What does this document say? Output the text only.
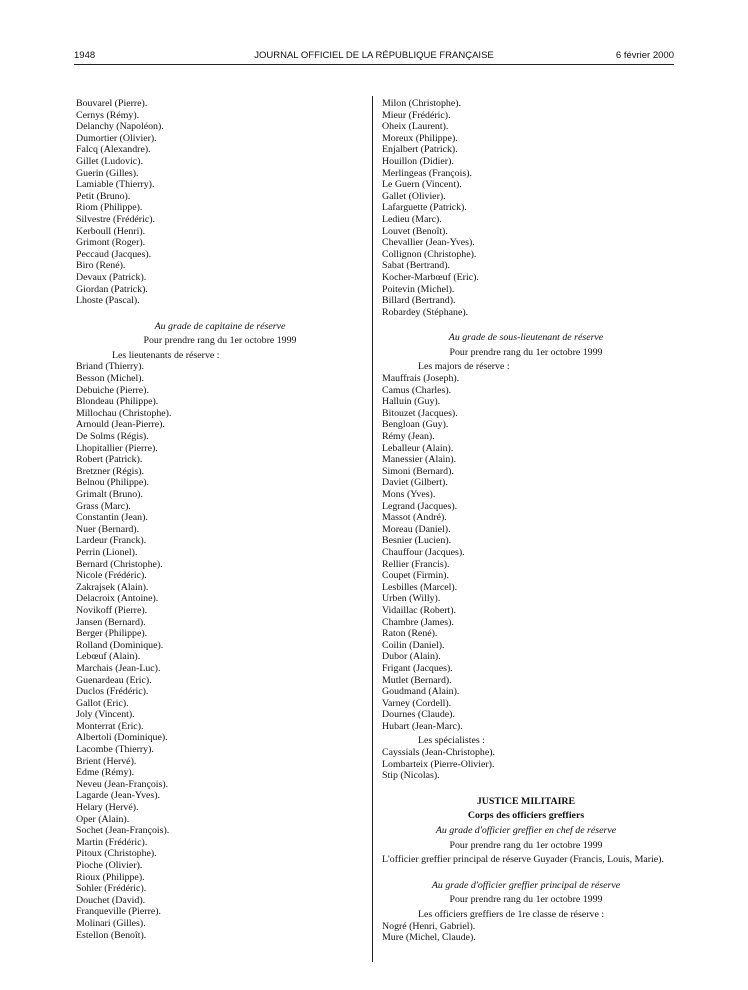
1948	JOURNAL OFFICIEL DE LA RÉPUBLIQUE FRANÇAISE	6 février 2000
Bouvarel (Pierre).
Cernys (Rémy).
Delanchy (Napoléon).
Dumortier (Olivier).
Falcq (Alexandre).
Gillet (Ludovic).
Guerin (Gilles).
Lamiable (Thierry).
Petit (Bruno).
Riom (Philippe).
Silvestre (Frédéric).
Kerboull (Henri).
Grimont (Roger).
Peccaud (Jacques).
Biro (René).
Devaux (Patrick).
Giordan (Patrick).
Lhoste (Pascal).
Au grade de capitaine de réserve
Pour prendre rang du 1er octobre 1999
Les lieutenants de réserve :
Briand (Thierry).
Besson (Michel).
Debuiche (Pierre).
Blondeau (Philippe).
Millochau (Christophe).
Arnould (Jean-Pierre).
De Solms (Régis).
Lhopitallier (Pierre).
Robert (Patrick).
Bretzner (Régis).
Belnou (Philippe).
Grimalt (Bruno).
Grass (Marc).
Constantin (Jean).
Nuer (Bernard).
Lardeur (Franck).
Perrin (Lionel).
Bernard (Christophe).
Nicole (Frédéric).
Zakrajsek (Alain).
Delacroix (Antoine).
Novikoff (Pierre).
Jansen (Bernard).
Berger (Philippe).
Rolland (Dominique).
Lebœuf (Alain).
Marchais (Jean-Luc).
Guenardeau (Eric).
Duclos (Frédéric).
Gallot (Eric).
Joly (Vincent).
Monterrat (Eric).
Albertoli (Dominique).
Lacombe (Thierry).
Brient (Hervé).
Edme (Rémy).
Neveu (Jean-François).
Lagarde (Jean-Yves).
Helary (Hervé).
Oper (Alain).
Sochet (Jean-François).
Martin (Frédéric).
Pitoux (Christophe).
Pioche (Olivier).
Rioux (Philippe).
Sohler (Frédéric).
Douchet (David).
Franqueville (Pierre).
Molinari (Gilles).
Estellon (Benoît).
Milon (Christophe).
Mieur (Frédéric).
Oheix (Laurent).
Moreux (Philippe).
Enjalbert (Patrick).
Houillon (Didier).
Merlingeas (François).
Le Guern (Vincent).
Gallet (Olivier).
Lafarguette (Patrick).
Ledieu (Marc).
Louvet (Benoît).
Chevallier (Jean-Yves).
Collignon (Christophe).
Sabat (Bertrand).
Kocher-Marbœuf (Eric).
Poitevin (Michel).
Billard (Bertrand).
Robardey (Stéphane).
Au grade de sous-lieutenant de réserve
Pour prendre rang du 1er octobre 1999
Les majors de réserve :
Mauffrais (Joseph).
Camus (Charles).
Halluin (Guy).
Bitouzet (Jacques).
Bengloan (Guy).
Rémy (Jean).
Leballeur (Alain).
Manessier (Alain).
Simoni (Bernard).
Daviet (Gilbert).
Mons (Yves).
Legrand (Jacques).
Massot (André).
Moreau (Daniel).
Besnier (Lucien).
Chauffour (Jacques).
Rellier (Francis).
Coupet (Firmin).
Lesbilles (Marcel).
Urben (Willy).
Vidaillac (Robert).
Chambre (James).
Raton (René).
Coilin (Daniel).
Dubor (Alain).
Frigant (Jacques).
Mutlet (Bernard).
Goudmand (Alain).
Varney (Cordell).
Dournes (Claude).
Hubart (Jean-Marc).
Les spécialistes :
Cayssials (Jean-Christophe).
Lombarteix (Pierre-Olivier).
Stip (Nicolas).
JUSTICE MILITAIRE
Corps des officiers greffiers
Au grade d'officier greffier en chef de réserve
Pour prendre rang du 1er octobre 1999
L'officier greffier principal de réserve Guyader (Francis, Louis, Marie).
Au grade d'officier greffier principal de réserve
Pour prendre rang du 1er octobre 1999
Les officiers greffiers de 1re classe de réserve :
Nogré (Henri, Gabriel).
Mure (Michel, Claude).
